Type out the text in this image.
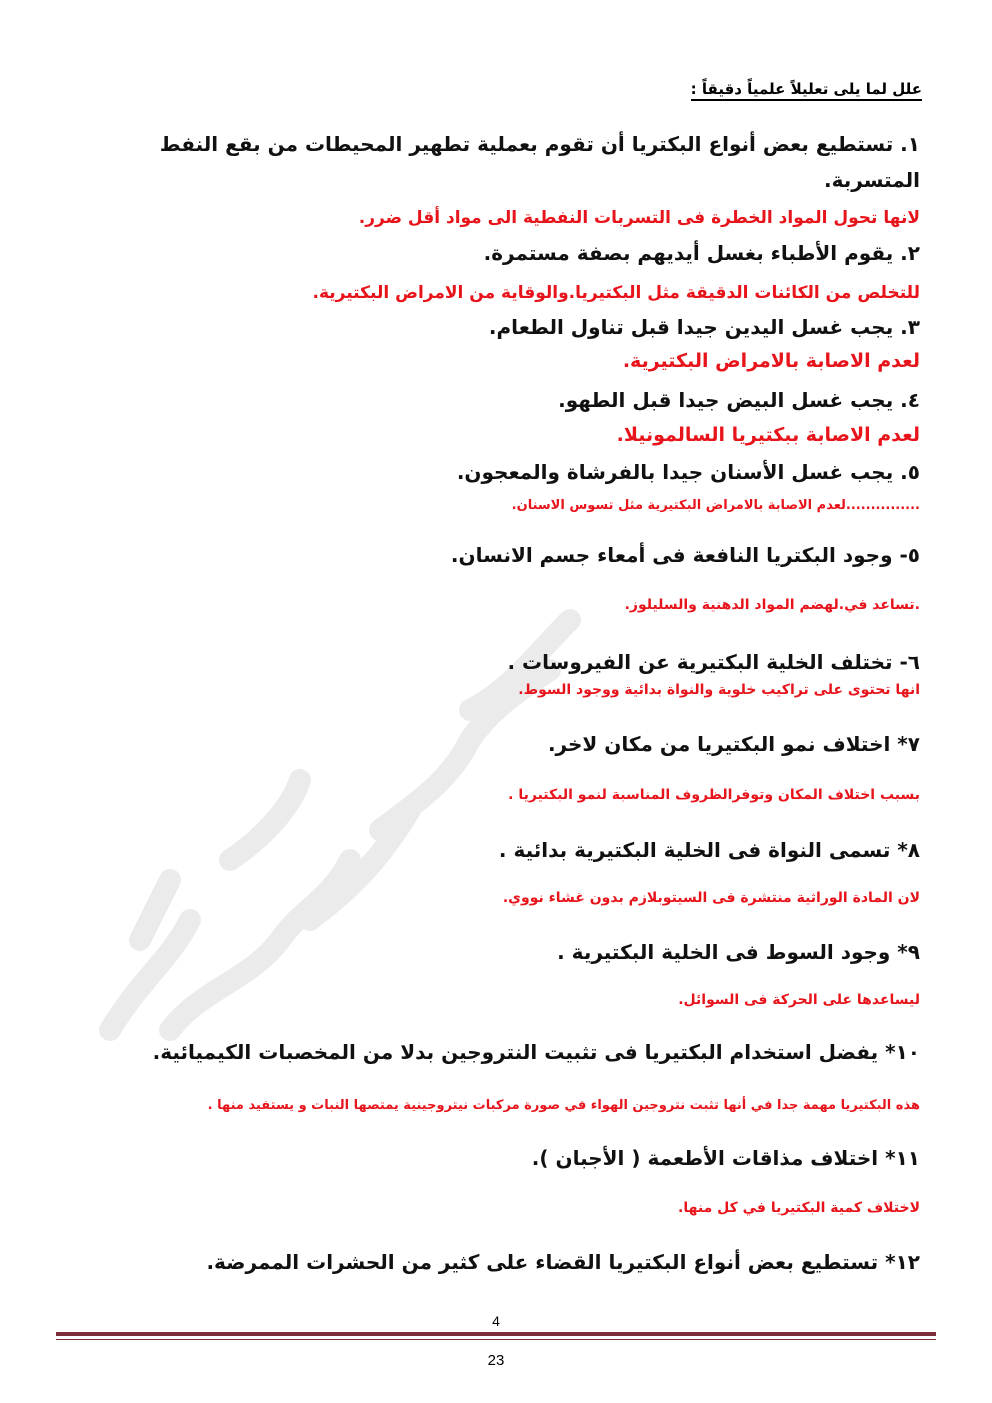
علل لما يلى تعليلاً علمياً دقيقاً :
١. تستطيع بعض أنواع البكتريا أن تقوم بعملية تطهير المحيطات من بقع النفط
المتسربة.
لانها تحول المواد الخطرة فى التسربات النفطية الى مواد أقل ضرر.
٢. يقوم الأطباء بغسل أيديهم بصفة مستمرة.
للتخلص من الكائنات الدقيقة مثل البكتيريا.والوقاية من الامراض البكتيرية.
٣. يجب غسل اليدين جيدا قبل تناول الطعام.
لعدم الاصابة بالامراض البكتيرية.
٤. يجب غسل البيض جيدا قبل الطهو.
لعدم الاصابة ببكتيريا السالمونيلا.
٥. يجب غسل الأسنان جيدا بالفرشاة والمعجون.
...............لعدم الاصابة بالامراض البكتيرية مثل تسوس الاسنان.
٥- وجود البكتريا النافعة فى أمعاء جسم الانسان.
.تساعد في.لهضم المواد الدهنية والسليلوز.
٦- تختلف الخلية البكتيرية عن الفيروسات .
انها تحتوى على تراكيب خلوية والنواة بدائية ووجود السوط.
٧* اختلاف نمو البكتيريا من مكان لاخر.
بسبب اختلاف المكان وتوفرالظروف المناسبة لنمو البكتيريا .
٨* تسمى النواة فى الخلية البكتيرية بدائية .
لان المادة الوراثية منتشرة فى السيتوبلازم بدون غشاء نووي.
٩* وجود السوط فى الخلية البكتيرية .
ليساعدها على الحركة فى السوائل.
١٠* يفضل استخدام البكتيريا فى تثبيت النتروجين بدلا من المخصبات الكيميائية.
هذه البكتيريا مهمة جدا في أنها تثبت نتروجين الهواء في صورة مركبات نيتروجينية يمتصها النبات و يستفيد منها .
١١* اختلاف مذاقات الأطعمة ( الأجبان ).
لاختلاف كمية البكتيريا في كل منها.
١٢* تستطيع بعض أنواع البكتيريا القضاء على كثير من الحشرات الممرضة.
4
23
